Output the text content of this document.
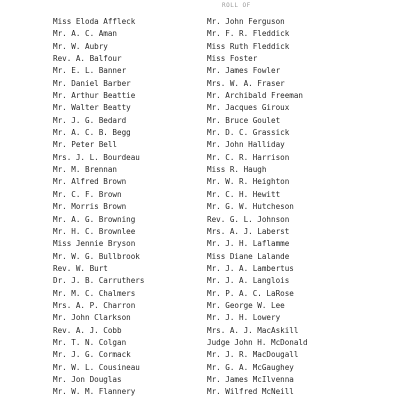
ROLL OF
Miss Eloda Affleck
Mr. A. C. Aman
Mr. W. Aubry
Rev. A. Balfour
Mr. E. L. Banner
Mr. Daniel Barber
Mr. Arthur Beattie
Mr. Walter Beatty
Mr. J. G. Bedard
Mr. A. C. B. Begg
Mr. Peter Bell
Mrs. J. L. Bourdeau
Mr. M. Brennan
Mr. Alfred Brown
Mr. C. F. Brown
Mr. Morris Brown
Mr. A. G. Browning
Mr. H. C. Brownlee
Miss Jennie Bryson
Mr. W. G. Bullbrook
Rev. W. Burt
Dr. J. B. Carruthers
Mr. M. C. Chalmers
Mrs. A. P. Charron
Mr. John Clarkson
Rev. A. J. Cobb
Mr. T. N. Colgan
Mr. J. G. Cormack
Mr. W. L. Cousineau
Mr. Jon Douglas
Mr. W. M. Flannery
Mr. John Ferguson
Mr. F. R. Fleddick
Miss Ruth Fleddick
Miss Foster
Mr. James Fowler
Mrs. W. A. Fraser
Mr. Archibald Freeman
Mr. Jacques Giroux
Mr. Bruce Goulet
Mr. D. C. Grassick
Mr. John Halliday
Mr. C. R. Harrison
Miss R. Haugh
Mr. W. R. Heighton
Mr. C. H. Hewitt
Mr. G. W. Hutcheson
Rev. G. L. Johnson
Mrs. A. J. Laberst
Mr. J. H. Laflamme
Miss Diane Lalande
Mr. J. A. Lambertus
Mr. J. A. Langlois
Mr. P. A. C. LaRose
Mr. George W. Lee
Mr. J. H. Lowery
Mrs. A. J. MacAskill
Judge John H. McDonald
Mr. J. R. MacDougall
Mr. G. A. McGaughey
Mr. James McIlvenna
Mr. Wilfred McNeill
